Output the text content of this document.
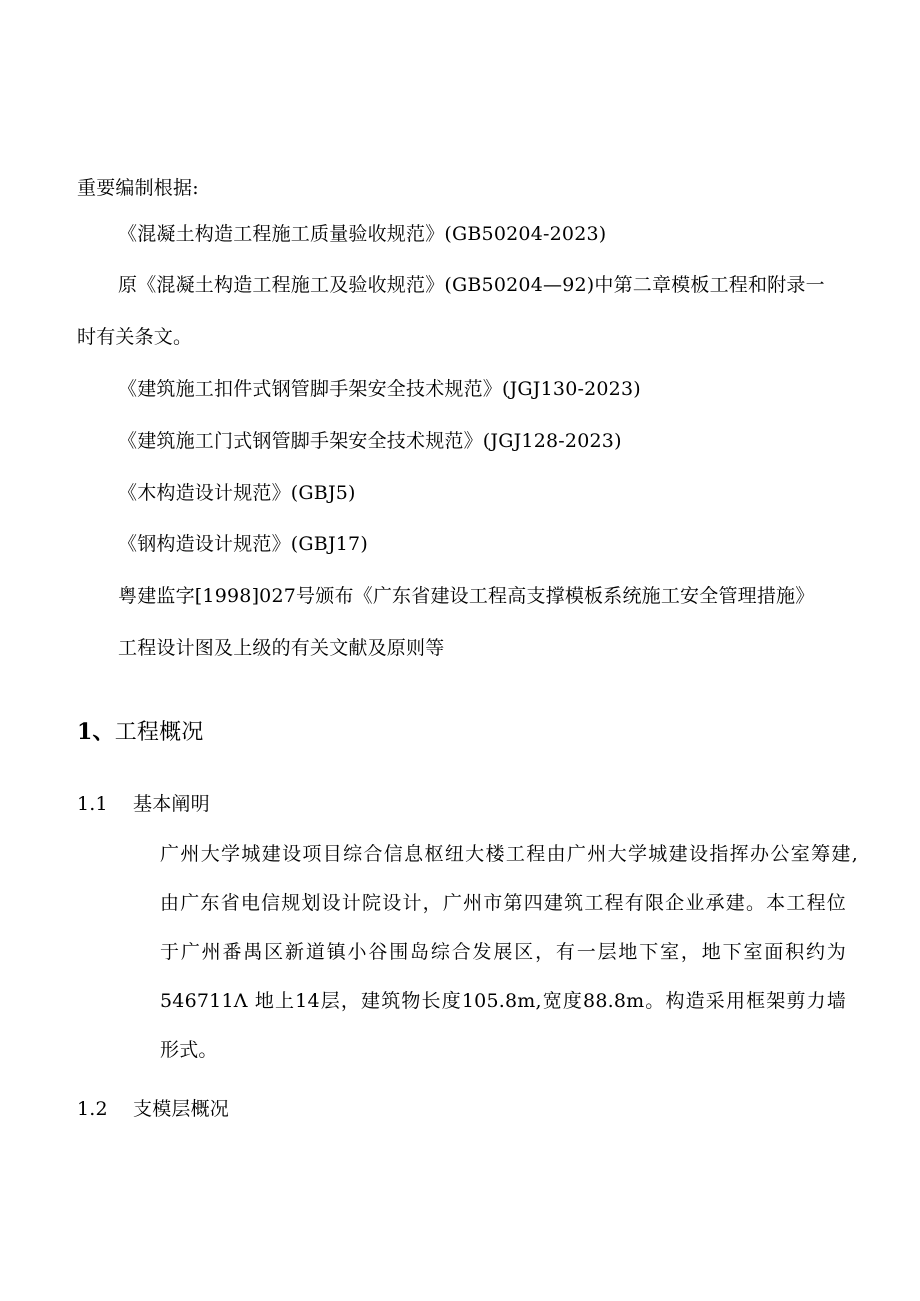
重要编制根据:
《混凝土构造工程施工质量验收规范》(GB50204-2023)
原《混凝土构造工程施工及验收规范》(GB50204—92)中第二章模板工程和附录一
时有关条文。
《建筑施工扣件式钢管脚手架安全技术规范》(JGJ130-2023)
《建筑施工门式钢管脚手架安全技术规范》(JGJ128-2023)
《木构造设计规范》(GBJ5)
《钢构造设计规范》(GBJ17)
粤建监字[1998]027号颁布《广东省建设工程高支撑模板系统施工安全管理措施》
工程设计图及上级的有关文献及原则等
1、工程概况
1.1 基本阐明
广州大学城建设项目综合信息枢纽大楼工程由广州大学城建设指挥办公室筹建,
由广东省电信规划设计院设计，广州市第四建筑工程有限企业承建。本工程位
于广州番禺区新道镇小谷围岛综合发展区，有一层地下室，地下室面积约为
546711Λ 地上14层，建筑物长度105.8m,宽度88.8m。构造采用框架剪力墙
形式。
1.2 支模层概况
